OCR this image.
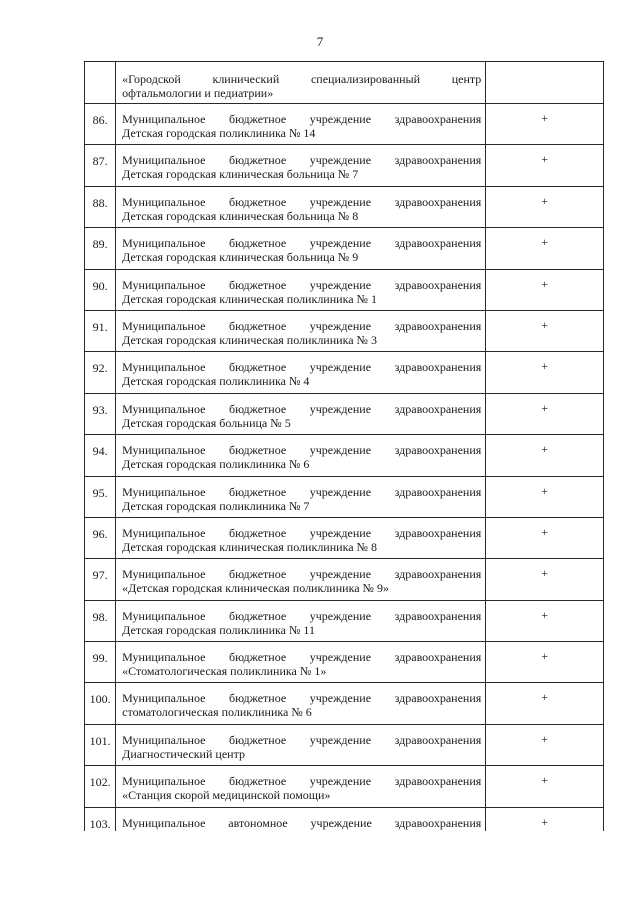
7

	«Городской клинический специализированный центр
офтальмологии и педиатрии»	

86.	Муниципальное бюджетное учреждение здравоохранения
Детская городская поликлиника № 14	+
87.	Муниципальное бюджетное учреждение здравоохранения
Детская городская клиническая больница № 7	+
88.	Муниципальное бюджетное учреждение здравоохранения
Детская городская клиническая больница № 8	+
89.	Муниципальное бюджетное учреждение здравоохранения
Детская городская клиническая больница № 9	+
90.	Муниципальное бюджетное учреждение здравоохранения
Детская городская клиническая поликлиника № 1	+
91.	Муниципальное бюджетное учреждение здравоохранения
Детская городская клиническая поликлиника № 3	+
92.	Муниципальное бюджетное учреждение здравоохранения
Детская городская поликлиника № 4	+
93.	Муниципальное бюджетное учреждение здравоохранения
Детская городская больница № 5	+
94.	Муниципальное бюджетное учреждение здравоохранения
Детская городская поликлиника № 6	+
95.	Муниципальное бюджетное учреждение здравоохранения
Детская городская поликлиника № 7	+
96.	Муниципальное бюджетное учреждение здравоохранения
Детская городская клиническая поликлиника № 8	+
97.	Муниципальное бюджетное учреждение здравоохранения
«Детская городская клиническая поликлиника № 9»	+
98.	Муниципальное бюджетное учреждение здравоохранения
Детская городская поликлиника № 11	+
99.	Муниципальное бюджетное учреждение здравоохранения
«Стоматологическая поликлиника № 1»	+
100.	Муниципальное бюджетное учреждение здравоохранения
стоматологическая поликлиника № 6	+
101.	Муниципальное бюджетное учреждение здравоохранения
Диагностический центр	+
102.	Муниципальное бюджетное учреждение здравоохранения
«Станция скорой медицинской помощи»	+
103.	Муниципальное автономное учреждение здравоохранения	+
